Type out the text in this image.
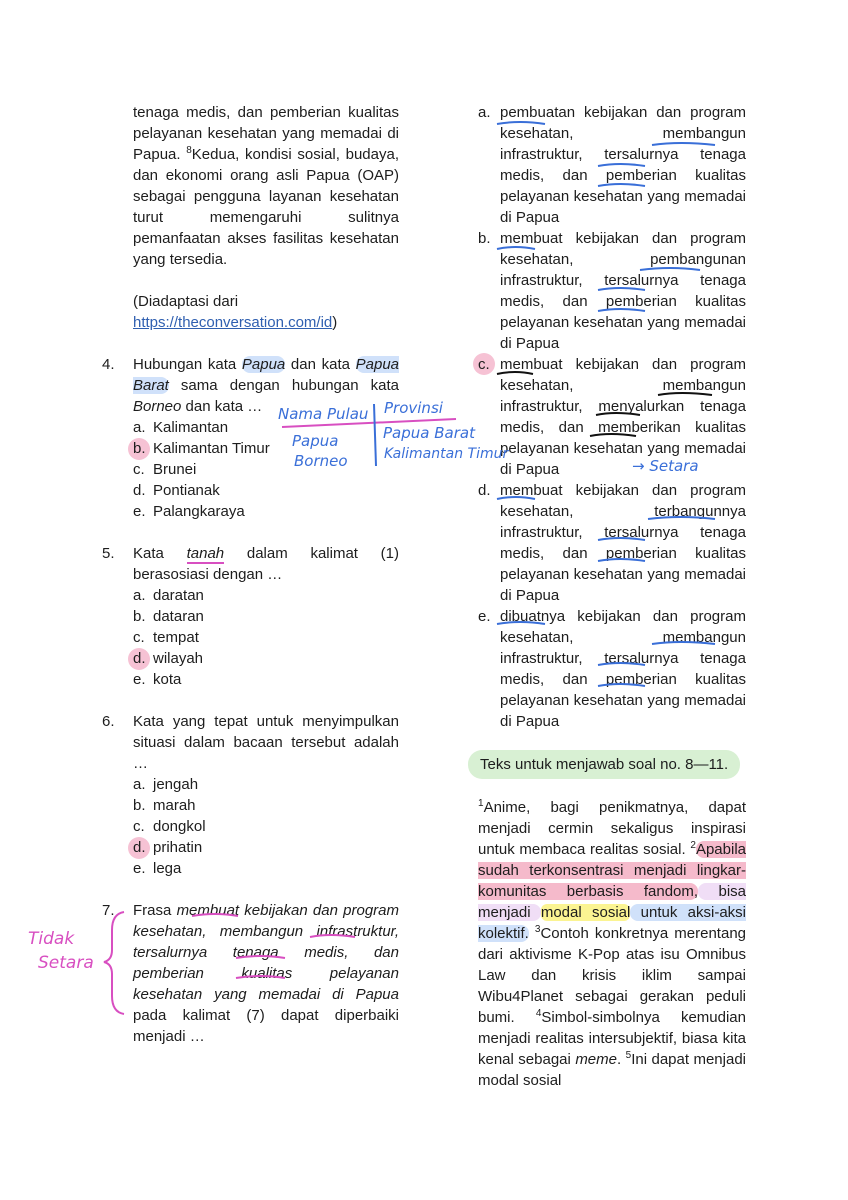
tenaga medis, dan pemberian kualitas pelayanan kesehatan yang memadai di Papua. $^8$Kedua, kondisi sosial, budaya, dan ekonomi orang asli Papua (OAP) sebagai pengguna layanan kesehatan turut memengaruhi sulitnya pemanfaatan akses fasilitas kesehatan yang tersedia.
(Diadaptasi dari
https://theconversation.com/id)
4. Hubungan kata Papua dan kata Papua Barat sama dengan hubungan kata Borneo dan kata …
a. Kalimantan
b. Kalimantan Timur
c. Brunei
d. Pontianak
e. Palangkaraya
5. Kata tanah dalam kalimat (1) berasosiasi dengan …
a. daratan
b. dataran
c. tempat
d. wilayah
e. kota
6. Kata yang tepat untuk menyimpulkan situasi dalam bacaan tersebut adalah …
a. jengah
b. marah
c. dongkol
d. prihatin
e. lega
7. Frasa membuat kebijakan dan program kesehatan, membangun infrastruktur, tersalurnya tenaga medis, dan pemberian kualitas pelayanan kesehatan yang memadai di Papua pada kalimat (7) dapat diperbaiki menjadi …
a. pembuatan kebijakan dan program kesehatan, membangun infrastruktur, tersalurnya tenaga medis, dan pemberian kualitas pelayanan kesehatan yang memadai di Papua
b. membuat kebijakan dan program kesehatan, pembangunan infrastruktur, tersalurnya tenaga medis, dan pemberian kualitas pelayanan kesehatan yang memadai di Papua
c. membuat kebijakan dan program kesehatan, membangun infrastruktur, menyalurkan tenaga medis, dan memberikan kualitas pelayanan kesehatan yang memadai di Papua
d. membuat kebijakan dan program kesehatan, terbangunnya infrastruktur, tersalurnya tenaga medis, dan pemberian kualitas pelayanan kesehatan yang memadai di Papua
e. dibuatnya kebijakan dan program kesehatan, membangun infrastruktur, tersalurnya tenaga medis, dan pemberian kualitas pelayanan kesehatan yang memadai di Papua
Teks untuk menjawab soal no. 8—11.
$^1$Anime, bagi penikmatnya, dapat menjadi cermin sekaligus inspirasi untuk membaca realitas sosial. $^2$Apabila sudah terkonsentrasi menjadi lingkar-komunitas berbasis fandom, bisa menjadi modal sosial untuk aksi-aksi kolektif. $^3$Contoh konkretnya merentang dari aktivisme K-Pop atas isu Omnibus Law dan krisis iklim sampai Wibu4Planet sebagai gerakan peduli bumi. $^4$Simbol-simbolnya kemudian menjadi realitas intersubjektif, biasa kita kenal sebagai meme. $^5$Ini dapat menjadi modal sosial
Nama Pulau Provinsi
Papua	Papua Barat
Borneo	Kalimantan Timur
→ Setara
Tidak
Setara
